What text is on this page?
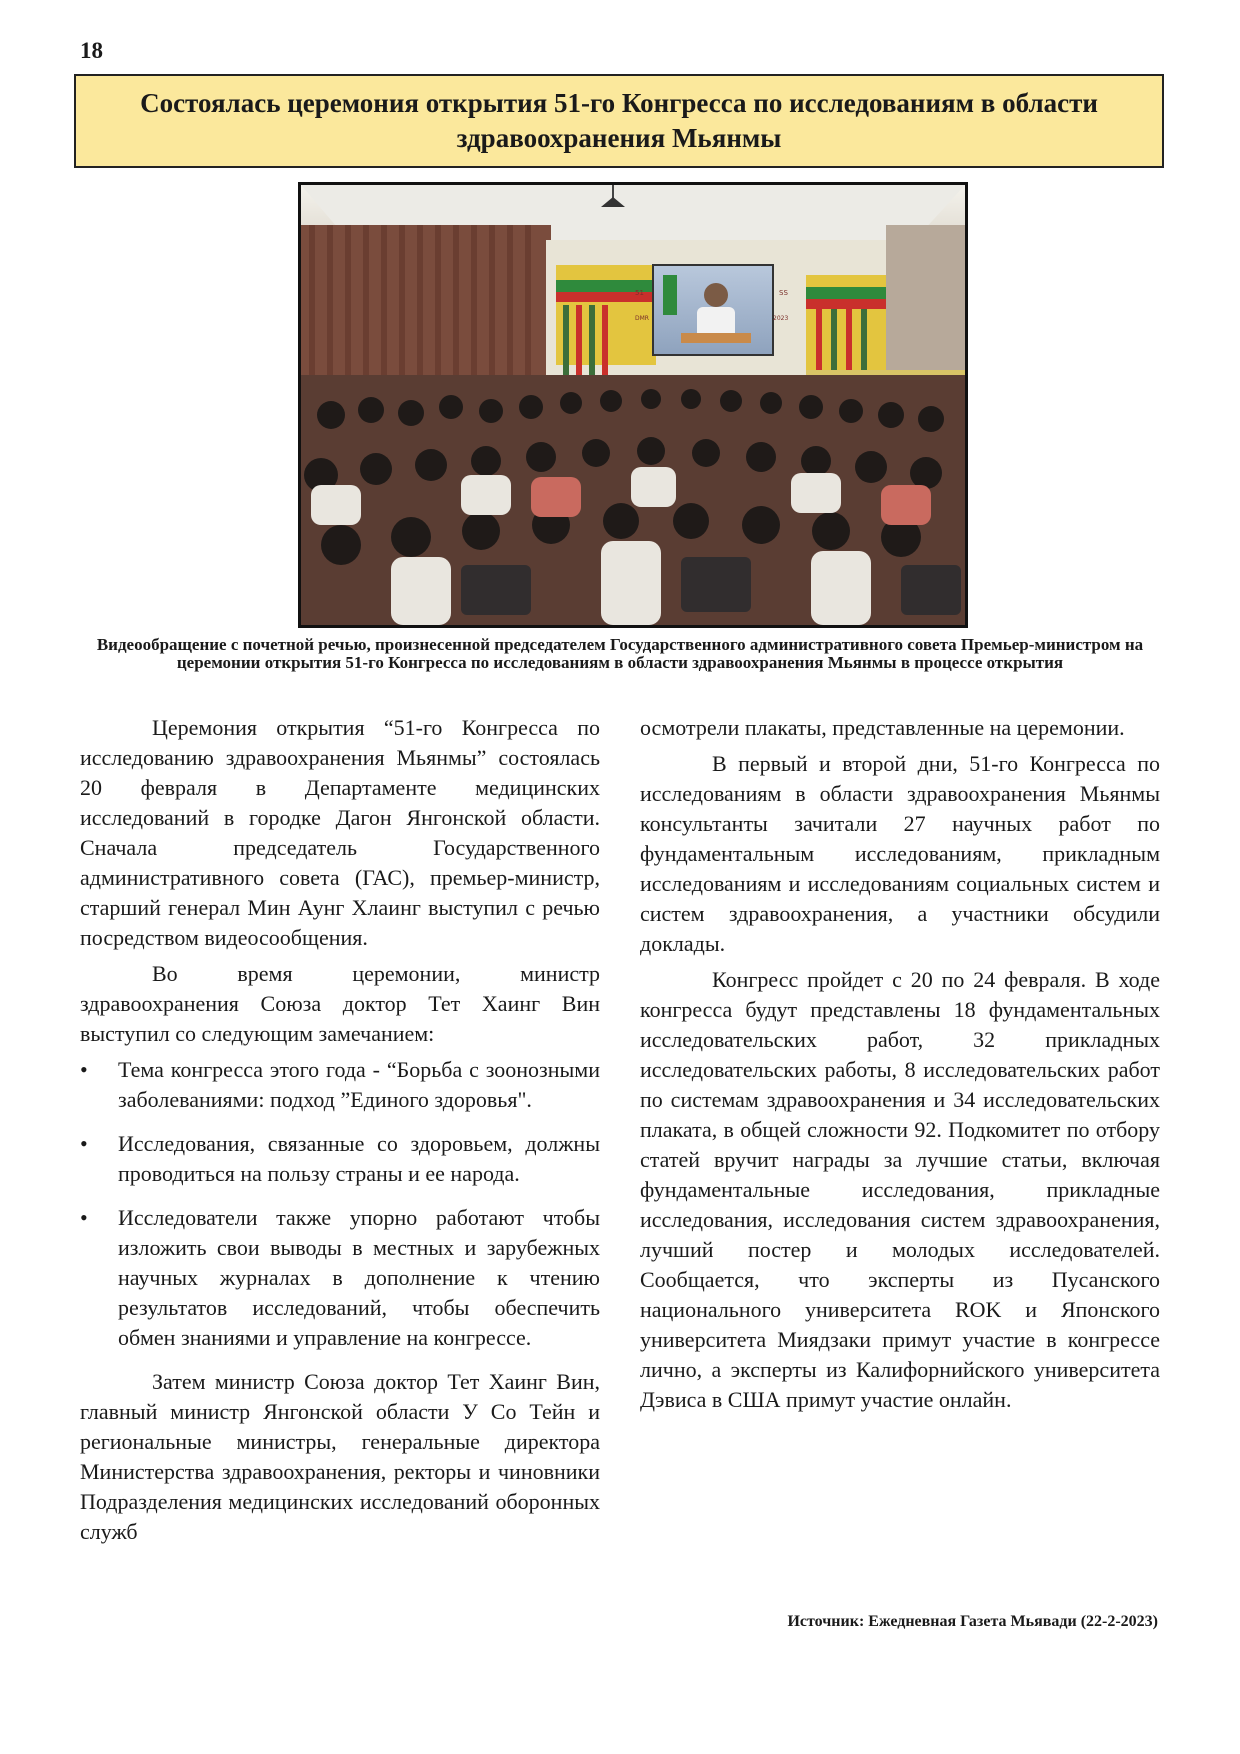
18
Состоялась церемония открытия 51-го Конгресса по исследованиям в области здравоохранения Мьянмы
51
DMR
SS
2023
Видеообращение с почетной речью, произнесенной председателем Государственного административного совета Премьер-министром на церемонии открытия 51-го Конгресса по исследованиям в области здравоохранения Мьянмы в процессе открытия

Церемония открытия “51-го Конгресса по исследованию здравоохранения Мьянмы” состоялась 20 февраля в Департаменте медицинских исследований в городке Дагон Янгонской области. Сначала председатель Государственного административного совета (ГАС), премьер-министр, старший генерал Мин Аунг Хлаинг выступил с речью посредством видеосообщения.

Во время церемонии, министр здравоохранения Союза доктор Тет Хаинг Вин выступил со следующим замечанием:

• Тема конгресса этого года - “Борьба с зоонозными заболеваниями: подход ”Единого здоровья".
• Исследования, связанные со здоровьем, должны проводиться на пользу страны и ее народа.
• Исследователи также упорно работают чтобы изложить свои выводы в местных и зарубежных научных журналах в дополнение к чтению результатов исследований, чтобы обеспечить обмен знаниями и управление на конгрессе.

Затем министр Союза доктор Тет Хаинг Вин, главный министр Янгонской области У Со Тейн и региональные министры, генеральные директора Министерства здравоохранения, ректоры и чиновники Подразделения медицинских исследований оборонных служб

осмотрели плакаты, представленные на церемонии.

В первый и второй дни, 51-го Конгресса по исследованиям в области здравоохранения Мьянмы консультанты зачитали 27 научных работ по фундаментальным исследованиям, прикладным исследованиям и исследованиям социальных систем и систем здравоохранения, а участники обсудили доклады.

Конгресс пройдет с 20 по 24 февраля. В ходе конгресса будут представлены 18 фундаментальных исследовательских работ, 32 прикладных исследовательских работы, 8 исследовательских работ по системам здравоохранения и 34 исследовательских плаката, в общей сложности 92. Подкомитет по отбору статей вручит награды за лучшие статьи, включая фундаментальные исследования, прикладные исследования, исследования систем здравоохранения, лучший постер и молодых исследователей. Сообщается, что эксперты из Пусанского национального университета ROK и Японского университета Миядзаки примут участие в конгрессе лично, а эксперты из Калифорнийского университета Дэвиса в США примут участие онлайн.

Источник: Ежедневная Газета Мьявади (22-2-2023)
